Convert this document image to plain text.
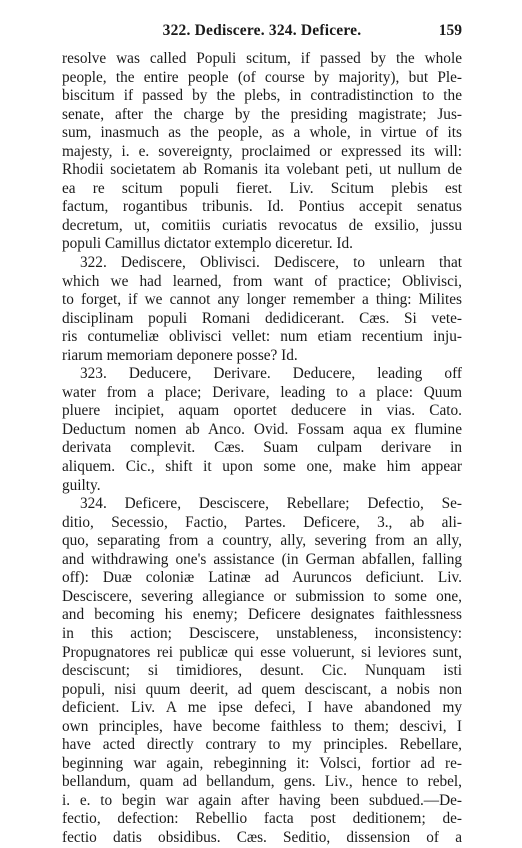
322. Dediscere. 324. Deficere.	159
resolve was called Populi scitum, if passed by the whole
people, the entire people (of course by majority), but Ple-
biscitum if passed by the plebs, in contradistinction to the
senate, after the charge by the presiding magistrate; Jus-
sum, inasmuch as the people, as a whole, in virtue of its
majesty, i. e. sovereignty, proclaimed or expressed its will:
Rhodii societatem ab Romanis ita volebant peti, ut nullum de
ea re scitum populi fieret. Liv. Scitum plebis est
factum, rogantibus tribunis. Id. Pontius accepit senatus
decretum, ut, comitiis curiatis revocatus de exsilio, jussu
populi Camillus dictator extemplo diceretur. Id.
322. Dediscere, Oblivisci. Dediscere, to unlearn that
which we had learned, from want of practice; Oblivisci,
to forget, if we cannot any longer remember a thing: Milites
disciplinam populi Romani dedidicerant. Cæs. Si vete-
ris contumeliæ oblivisci vellet: num etiam recentium inju-
riarum memoriam deponere posse? Id.
323. Deducere, Derivare. Deducere, leading off
water from a place; Derivare, leading to a place: Quum
pluere incipiet, aquam oportet deducere in vias. Cato.
Deductum nomen ab Anco. Ovid. Fossam aqua ex flumine
derivata complevit. Cæs. Suam culpam derivare in
aliquem. Cic., shift it upon some one, make him appear
guilty.
324. Deficere, Desciscere, Rebellare; Defectio, Se-
ditio, Secessio, Factio, Partes. Deficere, 3., ab ali-
quo, separating from a country, ally, severing from an ally,
and withdrawing one's assistance (in German abfallen, falling
off): Duæ coloniæ Latinæ ad Auruncos deficiunt. Liv.
Desciscere, severing allegiance or submission to some one,
and becoming his enemy; Deficere designates faithlessness
in this action; Desciscere, unstableness, inconsistency:
Propugnatores rei publicæ qui esse voluerunt, si leviores sunt,
desciscunt; si timidiores, desunt. Cic. Nunquam isti
populi, nisi quum deerit, ad quem desciscant, a nobis non
deficient. Liv. A me ipse defeci, I have abandoned my
own principles, have become faithless to them; descivi, I
have acted directly contrary to my principles. Rebellare,
beginning war again, rebeginning it: Volsci, fortior ad re-
bellandum, quam ad bellandum, gens. Liv., hence to rebel,
i. e. to begin war again after having been subdued.—De-
fectio, defection: Rebellio facta post deditionem; de-
fectio datis obsidibus. Cæs. Seditio, dissension of a
